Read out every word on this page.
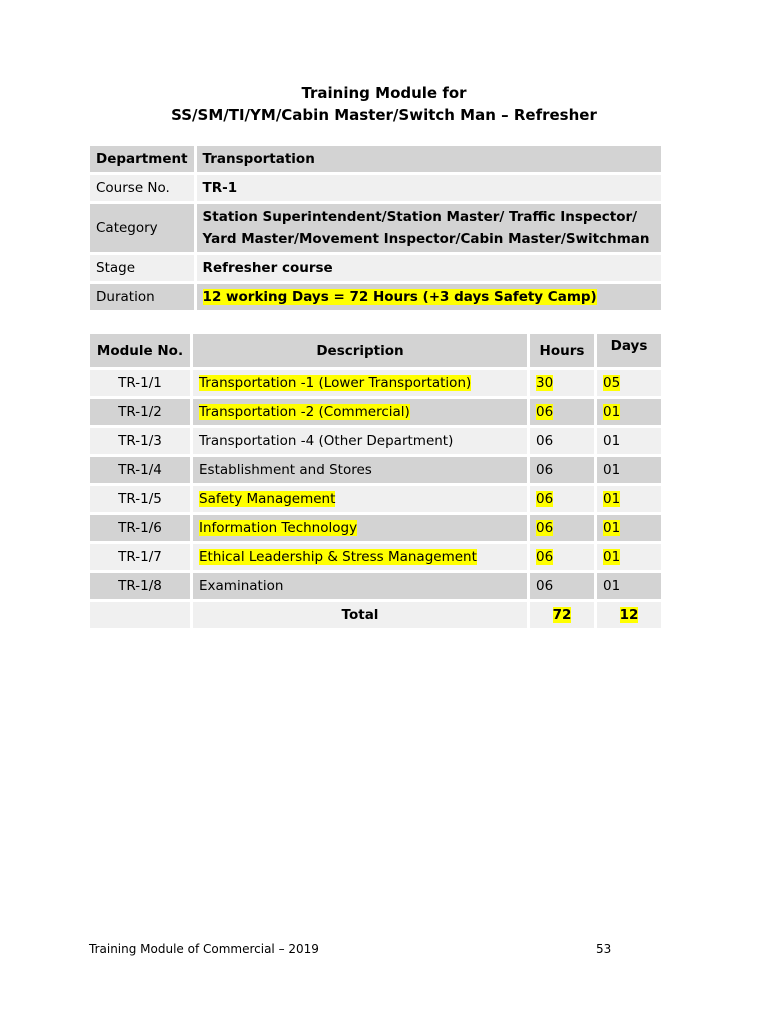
Training Module for
SS/SM/TI/YM/Cabin Master/Switch Man – Refresher
Department	Transportation
Course No.	TR-1
Category	Station Superintendent/Station Master/ Traffic Inspector/
Yard Master/Movement Inspector/Cabin Master/Switchman

Stage	Refresher course
Duration	12 working Days = 72 Hours (+3 days Safety Camp)
Module No.	Description	Hours	Days
TR-1/1	Transportation -1 (Lower Transportation)	30	05
TR-1/2	Transportation -2 (Commercial)	06	01
TR-1/3	Transportation -4 (Other Department)	06	01
TR-1/4	Establishment and Stores	06	01
TR-1/5	Safety Management	06	01
TR-1/6	Information Technology	06	01
TR-1/7	Ethical Leadership & Stress Management	06	01
TR-1/8	Examination	06	01
	Total	72	12
Training Module of Commercial – 2019	53
